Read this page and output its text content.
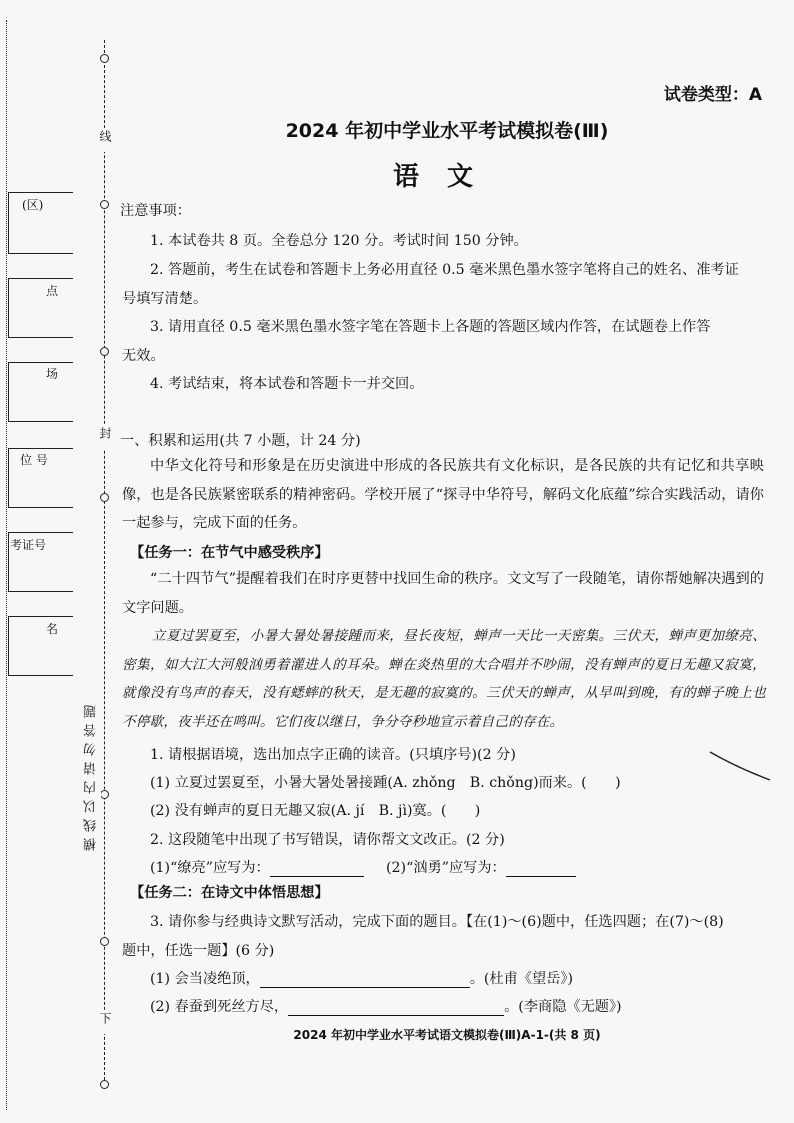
线
封
下
横线以内请勿答题
(区)
点
场
位 号
考证号
名
试卷类型：A
2024 年初中学业水平考试模拟卷(Ⅲ)
语文
注意事项：
1. 本试卷共 8 页。全卷总分 120 分。考试时间 150 分钟。
2. 答题前，考生在试卷和答题卡上务必用直径 0.5 毫米黑色墨水签字笔将自己的姓名、准考证
号填写清楚。
3. 请用直径 0.5 毫米黑色墨水签字笔在答题卡上各题的答题区域内作答，在试题卷上作答
无效。
4. 考试结束，将本试卷和答题卡一并交回。
一、积累和运用(共 7 小题，计 24 分)
中华文化符号和形象是在历史演进中形成的各民族共有文化标识，是各民族的共有记忆和共享映像，也是各民族紧密联系的精神密码。学校开展了“探寻中华符号，解码文化底蕴”综合实践活动，请你一起参与，完成下面的任务。
【任务一：在节气中感受秩序】
“二十四节气”提醒着我们在时序更替中找回生命的秩序。文文写了一段随笔，请你帮她解决遇到的文字问题。
立夏过罢夏至，小暑大暑处暑接踵而来，昼长夜短，蝉声一天比一天密集。三伏天，蝉声更加缭亮、密集，如大江大河般汹勇着灌进人的耳朵。蝉在炎热里的大合唱并不吵闹，没有蝉声的夏日无趣又寂寞，就像没有鸟声的春天，没有蟋蟀的秋天，是无趣的寂寞的。三伏天的蝉声，从早叫到晚，有的蝉子晚上也不停歇，夜半还在鸣叫。它们夜以继日，争分夺秒地宣示着自己的存在。
1. 请根据语境，选出加点字正确的读音。(只填序号)(2 分)
(1) 立夏过罢夏至，小暑大暑处暑接踵(A. zhǒng　B. chǒng)而来。(　　)
(2) 没有蝉声的夏日无趣又寂(A. jí　B. jì)寞。(　　)
2. 这段随笔中出现了书写错误，请你帮文文改正。(2 分)
(1)“缭亮”应写为：	(2)“汹勇”应写为：
【任务二：在诗文中体悟思想】
3. 请你参与经典诗文默写活动，完成下面的题目。【在(1)～(6)题中，任选四题；在(7)～(8)
题中，任选一题】(6 分)
(1) 会当凌绝顶，	。(杜甫《望岳》)
(2) 春蚕到死丝方尽，	。(李商隐《无题》)
2024 年初中学业水平考试语文模拟卷(Ⅲ)A-1-(共 8 页)
